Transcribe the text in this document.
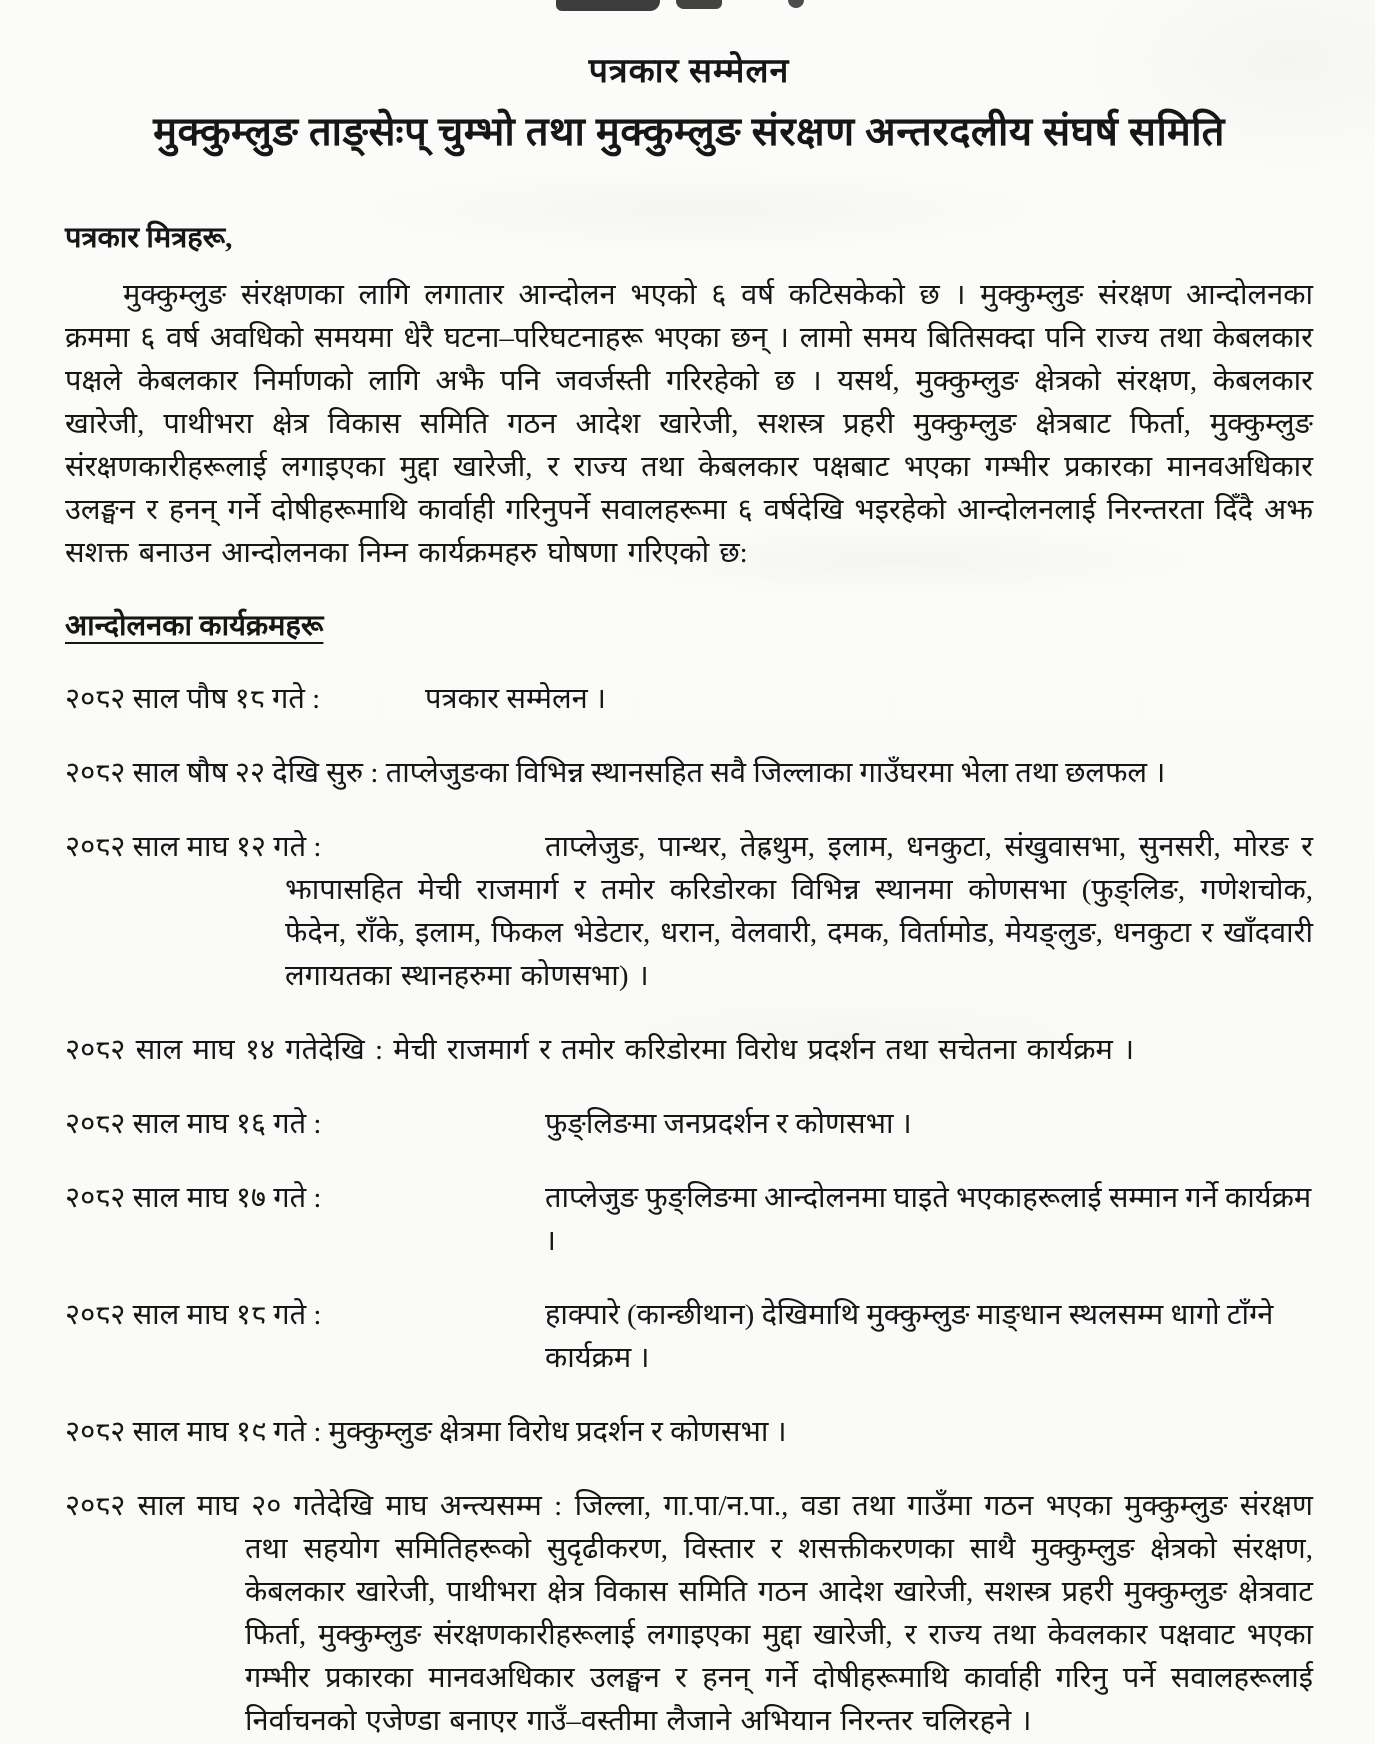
पत्रकार सम्मेलन
मुक्कुम्लुङ ताङ्सेःप् चुम्भो तथा मुक्कुम्लुङ संरक्षण अन्तरदलीय संघर्ष समिति

पत्रकार मित्रहरू,

मुक्कुम्लुङ संरक्षणका लागि लगातार आन्दोलन भएको ६ वर्ष कटिसकेको छ । मुक्कुम्लुङ संरक्षण आन्दोलनका क्रममा ६ वर्ष अवधिको समयमा धेरै घटना–परिघटनाहरू भएका छन् । लामो समय बितिसक्दा पनि राज्य तथा केबलकार पक्षले केबलकार निर्माणको लागि अझै पनि जवर्जस्ती गरिरहेको छ । यसर्थ, मुक्कुम्लुङ क्षेत्रको संरक्षण, केबलकार खारेजी, पाथीभरा क्षेत्र विकास समिति गठन आदेश खारेजी, सशस्त्र प्रहरी मुक्कुम्लुङ क्षेत्रबाट फिर्ता, मुक्कुम्लुङ संरक्षणकारीहरूलाई लगाइएका मुद्दा खारेजी, र राज्य तथा केबलकार पक्षबाट भएका गम्भीर प्रकारका मानवअधिकार उलङ्घन र हनन् गर्ने दोषीहरूमाथि कार्वाही गरिनुपर्ने सवालहरूमा ६ वर्षदेखि भइरहेको आन्दोलनलाई निरन्तरता दिँदै अझ सशक्त बनाउन आन्दोलनका निम्न कार्यक्रमहरु घोषणा गरिएको छ:

आन्दोलनका कार्यक्रमहरू
२०८२ साल पौष १८ गते :	पत्रकार सम्मेलन ।
२०८२ साल षौष २२ देखि सुरु : ताप्लेजुङका विभिन्न स्थानसहित सवै जिल्लाका गाउँघरमा भेला तथा छलफल ।
२०८२ साल माघ १२ गते :	ताप्लेजुङ, पान्थर, तेह्रथुम, इलाम, धनकुटा, संखुवासभा, सुनसरी, मोरङ र झापासहित मेची राजमार्ग र तमोर करिडोरका विभिन्न स्थानमा कोणसभा (फुङ्लिङ, गणेशचोक, फेदेन, राँके, इलाम, फिकल भेडेटार, धरान, वेलवारी, दमक, विर्तामोड, मेयङ्लुङ, धनकुटा र खाँदवारी लगायतका स्थानहरुमा कोणसभा) ।
२०८२ साल माघ १४ गतेदेखि : मेची राजमार्ग र तमोर करिडोरमा विरोध प्रदर्शन तथा सचेतना कार्यक्रम ।
२०८२ साल माघ १६ गते :	फुङ्लिङमा जनप्रदर्शन र कोणसभा ।
२०८२ साल माघ १७ गते :	ताप्लेजुङ फुङ्लिङमा आन्दोलनमा घाइते भएकाहरूलाई सम्मान गर्ने कार्यक्रम ।
२०८२ साल माघ १८ गते :	हाक्पारे (कान्छीथान) देखिमाथि मुक्कुम्लुङ माङ्धान स्थलसम्म धागो टाँग्ने कार्यक्रम ।
२०८२ साल माघ १९ गते : मुक्कुम्लुङ क्षेत्रमा विरोध प्रदर्शन र कोणसभा ।
२०८२ साल माघ २० गतेदेखि माघ अन्त्यसम्म : जिल्ला, गा.पा/न.पा., वडा तथा गाउँमा गठन भएका मुक्कुम्लुङ संरक्षण तथा सहयोग समितिहरूको सुदृढीकरण, विस्तार र शसक्तीकरणका साथै मुक्कुम्लुङ क्षेत्रको संरक्षण, केबलकार खारेजी, पाथीभरा क्षेत्र विकास समिति गठन आदेश खारेजी, सशस्त्र प्रहरी मुक्कुम्लुङ क्षेत्रवाट फिर्ता, मुक्कुम्लुङ संरक्षणकारीहरूलाई लगाइएका मुद्दा खारेजी, र राज्य तथा केवलकार पक्षवाट भएका गम्भीर प्रकारका मानवअधिकार उलङ्घन र हनन् गर्ने दोषीहरूमाथि कार्वाही गरिनु पर्ने सवालहरूलाई निर्वाचनको एजेण्डा बनाएर गाउँ–वस्तीमा लैजाने अभियान निरन्तर चलिरहने ।
